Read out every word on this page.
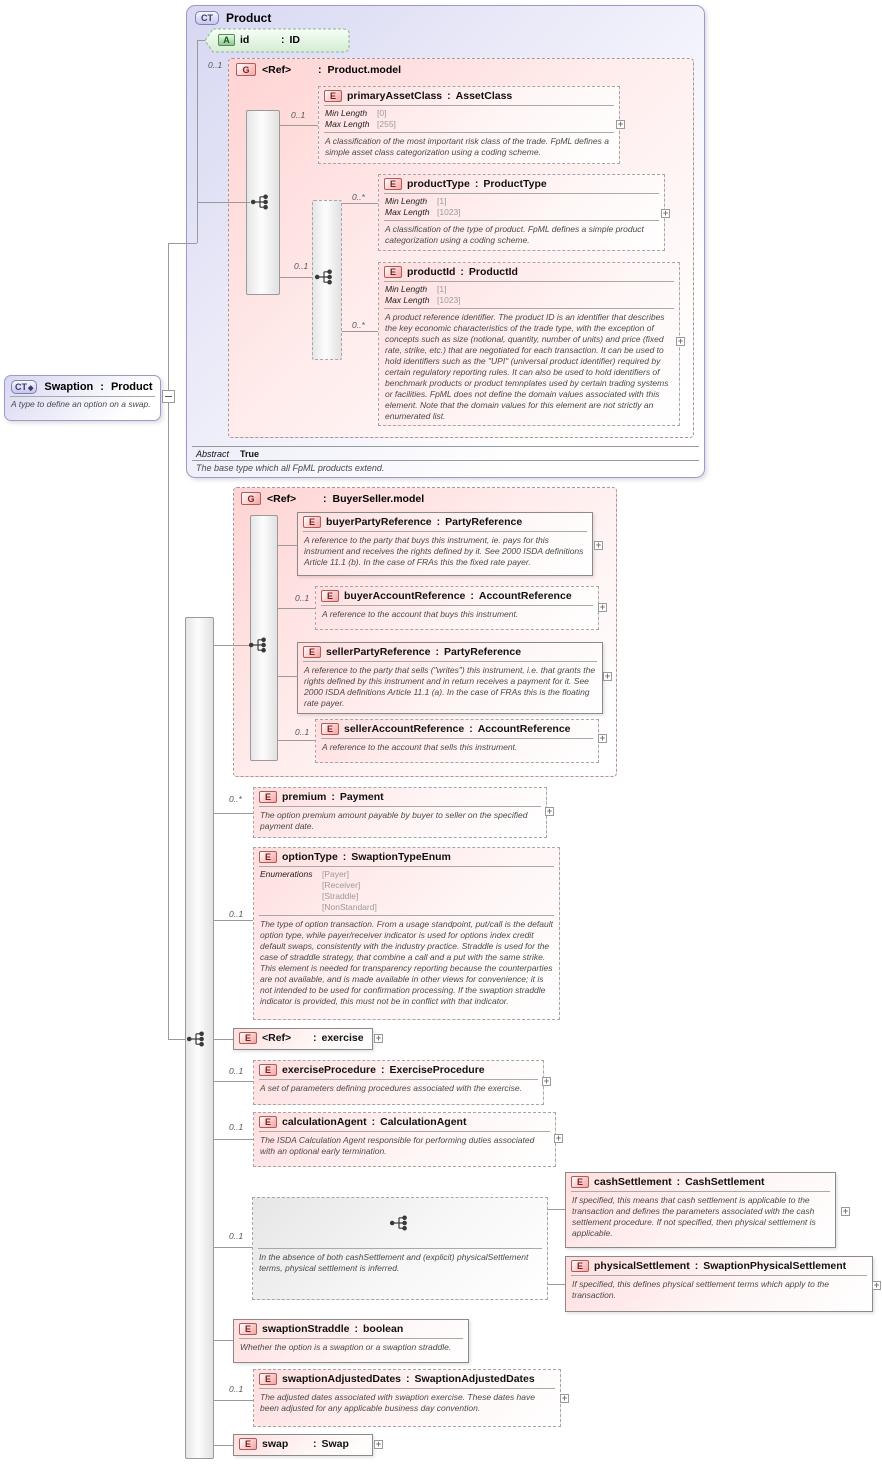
CT	Product
A id	: ID
G	<Ref>	: Product.model
E	primaryAssetClass : AssetClass
Min Length [0]
Max Length [255]
A classification of the most important risk class of the trade. FpML defines a simple asset class categorization using a coding scheme.
E	productType : ProductType
Min Length [1]
Max Length [1023]
A classification of the type of product. FpML defines a simple product categorization using a coding scheme.
E	productId : ProductId
Min Length [1]
Max Length [1023]
A product reference identifier. The product ID is an identifier that describes the key economic characteristics of the trade type, with the exception of concepts such as size (notional, quantity, number of units) and price (fixed rate, strike, etc.) that are negotiated for each transaction. It can be used to hold identifiers such as the "UPI" (universal product identifier) required by certain regulatory reporting rules. It can also be used to hold identifiers of benchmark products or product temnplates used by certain trading systems or facilities. FpML does not define the domain values associated with this element. Note that the domain values for this element are not strictly an enumerated list.
Abstract True
The base type which all FpML products extend.
CT◆	Swaption : Product
A type to define an option on a swap.
G	<Ref>	: BuyerSeller.model
E	buyerPartyReference : PartyReference
A reference to the party that buys this instrument, ie. pays for this instrument and receives the rights defined by it. See 2000 ISDA definitions Article 11.1 (b). In the case of FRAs this the fixed rate payer.
E	buyerAccountReference : AccountReference
A reference to the account that buys this instrument.
E	sellerPartyReference : PartyReference
A reference to the party that sells ("writes") this instrument, i.e. that grants the rights defined by this instrument and in return receives a payment for it. See 2000 ISDA definitions Article 11.1 (a). In the case of FRAs this is the floating rate payer.
E	sellerAccountReference : AccountReference
A reference to the account that sells this instrument.
E	premium : Payment
The option premium amount payable by buyer to seller on the specified payment date.
E	optionType : SwaptionTypeEnum
Enumerations	[Payer]
[Receiver]
[Straddle]
[NonStandard]
The type of option transaction. From a usage standpoint, put/call is the default option type, while payer/receiver indicator is used for options index credit default swaps, consistently with the industry practice. Straddle is used for the case of straddle strategy, that combine a call and a put with the same strike. This element is needed for transparency reporting because the counterparties are not available, and is made available in other views for convenience; it is not intended to be used for confirmation processing. If the swaption straddle indicator is provided, this must not be in conflict with that indicator.
E	<Ref>	: exercise
E	exerciseProcedure : ExerciseProcedure
A set of parameters defining procedures associated with the exercise.
E	calculationAgent : CalculationAgent
The ISDA Calculation Agent responsible for performing duties associated with an optional early termination.
In the absence of both cashSettlement and (explicit) physicalSettlement terms, physical settlement is inferred.
E	cashSettlement : CashSettlement
If specified, this means that cash settlement is applicable to the transaction and defines the parameters associated with the cash settlement procedure. If not specified, then physical settlement is applicable.
E	physicalSettlement : SwaptionPhysicalSettlement
If specified, this defines physical settlement terms which apply to the transaction.
E	swaptionStraddle : boolean
Whether the option is a swaption or a swaption straddle.
E	swaptionAdjustedDates : SwaptionAdjustedDates
The adjusted dates associated with swaption exercise. These dates have been adjusted for any applicable business day convention.
E	swap	: Swap
0..1
0..1
0..1
0..*
0..*
0..1
0..1
0..*
0..1
0..1
0..1
0..1
0..1
+
+
+
+
+
+
+
+
+
+
+
+
+
+
+
